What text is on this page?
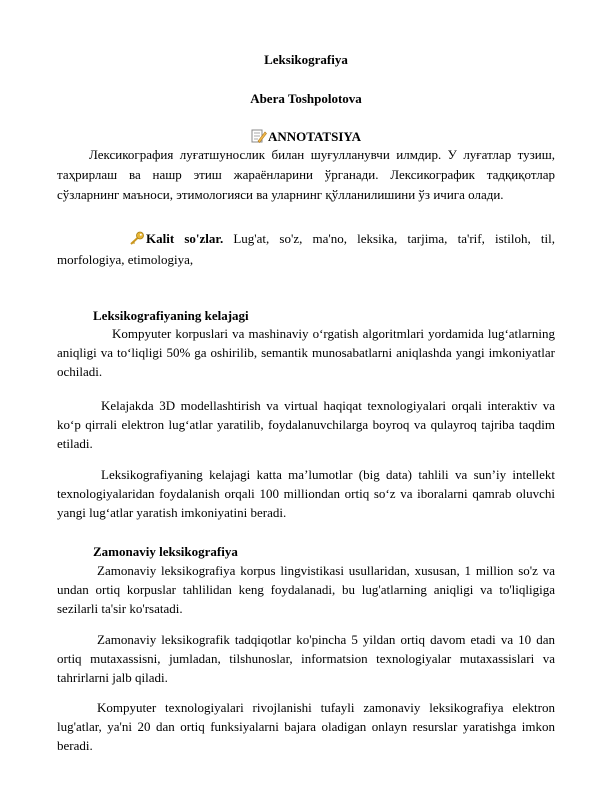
Leksikografiya
Abera Toshpolotova
ANNOTATSIYA
Лексикография луғатшунослик билан шуғулланувчи илмдир. У луғатлар тузиш, таҳрирлаш ва нашр этиш жараёнларини ўрганади. Лексикографик тадқиқотлар сўзларнинг маъноси, этимологияси ва уларнинг қўлланилишини ўз ичига олади.
Kalit so'zlar. Lug'at, so'z, ma'no, leksika, tarjima, ta'rif, istiloh, til, morfologiya, etimologiya,
Leksikografiyaning kelajagi
Kompyuter korpuslari va mashinaviy oʻrgatish algoritmlari yordamida lugʻatlarning aniqligi va toʻliqligi 50% ga oshirilib, semantik munosabatlarni aniqlashda yangi imkoniyatlar ochiladi.
Kelajakda 3D modellashtirish va virtual haqiqat texnologiyalari orqali interaktiv va koʻp qirrali elektron lugʻatlar yaratilib, foydalanuvchilarga boyroq va qulayroq tajriba taqdim etiladi.
Leksikografiyaning kelajagi katta maʼlumotlar (big data) tahlili va sunʼiy intellekt texnologiyalaridan foydalanish orqali 100 milliondan ortiq soʻz va iboralarni qamrab oluvchi yangi lugʻatlar yaratish imkoniyatini beradi.
Zamonaviy leksikografiya
Zamonaviy leksikografiya korpus lingvistikasi usullaridan, xususan, 1 million so'z va undan ortiq korpuslar tahlilidan keng foydalanadi, bu lug'atlarning aniqligi va to'liqligiga sezilarli ta'sir ko'rsatadi.
Zamonaviy leksikografik tadqiqotlar ko'pincha 5 yildan ortiq davom etadi va 10 dan ortiq mutaxassisni, jumladan, tilshunoslar, informatsion texnologiyalar mutaxassislari va tahrirlarni jalb qiladi.
Kompyuter texnologiyalari rivojlanishi tufayli zamonaviy leksikografiya elektron lug'atlar, ya'ni 20 dan ortiq funksiyalarni bajara oladigan onlayn resurslar yaratishga imkon beradi.
